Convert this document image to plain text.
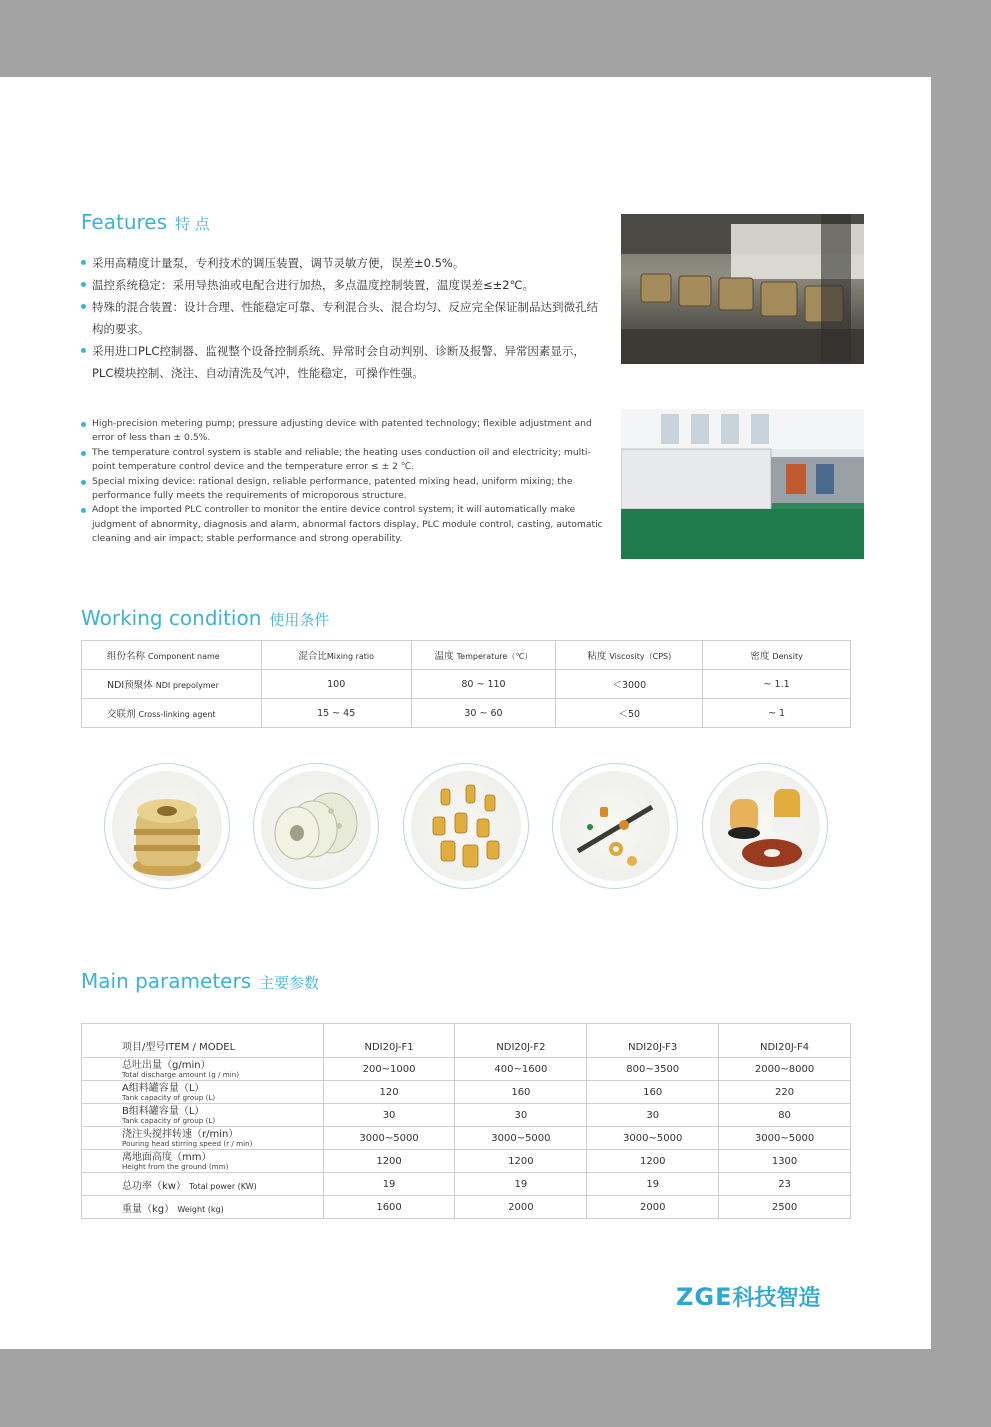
Features 特 点
采用高精度计量泵，专利技术的调压装置，调节灵敏方便，误差±0.5%。
温控系统稳定：采用导热油或电配合进行加热，多点温度控制装置，温度误差≤±2℃。
特殊的混合装置：设计合理、性能稳定可靠、专利混合头、混合均匀、反应完全保证制品达到微孔结构的要求。
采用进口PLC控制器、监视整个设备控制系统、异常时会自动判别、诊断及报警、异常因素显示，PLC模块控制、浇注、自动清洗及气冲，性能稳定，可操作性强。
High-precision metering pump; pressure adjusting device with patented technology; flexible adjustment and error of less than ± 0.5%.
The temperature control system is stable and reliable; the heating uses conduction oil and electricity; multi-point temperature control device and the temperature error ≤ ± 2 ℃.
Special mixing device: rational design, reliable performance, patented mixing head, uniform mixing; the performance fully meets the requirements of microporous structure.
Adopt the imported PLC controller to monitor the entire device control system; it will automatically make judgment of abnormity, diagnosis and alarm, abnormal factors display, PLC module control, casting, automatic cleaning and air impact; stable performance and strong operability.
Working condition 使用条件
组份名称 Component name	混合比Mixing ratio	温度 Temperature（℃）	粘度 Viscosity（CPS)	密度 Density
NDI预聚体 NDI prepolymer	100	80 ~ 110	＜3000	~ 1.1
交联剂 Cross-linking agent	15 ~ 45	30 ~ 60	＜50	~ 1
Main parameters 主要参数
项目/型号ITEM / MODEL	NDI20J-F1	NDI20J-F2	NDI20J-F3	NDI20J-F4

总吐出量（g/min）
Total discharge amount (g / min)	200~1000	400~1600	800~3500	2000~8000

A组料罐容量（L）
Tank capacity of group (L)	120	160	160	220

B组料罐容量（L）
Tank capacity of group (L)	30	30	30	80

浇注头搅拌转速（r/min）
Pouring head stirring speed (r / min)	3000~5000	3000~5000	3000~5000	3000~5000

离地面高度（mm）
Height from the ground (mm)	1200	1200	1200	1300
总功率（kw） Total power (KW)	19	19	19	23
重量（kg） Weight (kg)	1600	2000	2000	2500
ZGE科技智造
